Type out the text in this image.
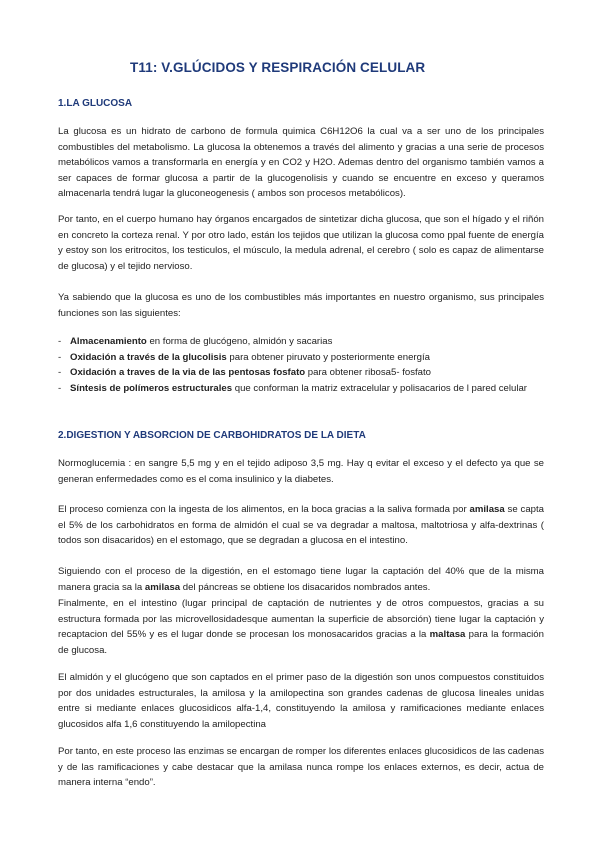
T11: V.GLÚCIDOS Y RESPIRACIÓN CELULAR
1.LA GLUCOSA
La glucosa es un hidrato de carbono de formula quimica C6H12O6 la cual va a ser uno de los principales combustibles del metabolismo. La glucosa la obtenemos a través del alimento y gracias a una serie de procesos metabólicos vamos a transformarla en energía y en CO2 y H2O. Ademas dentro del organismo también vamos a ser capaces de formar glucosa a partir de la glucogenolisis y cuando se encuentre en exceso y queramos almacenarla tendrá lugar la gluconeogenesis ( ambos son procesos metabólicos).
Por tanto, en el cuerpo humano hay órganos encargados de sintetizar dicha glucosa, que son el hígado y el riñón en concreto la corteza renal. Y por otro lado, están los tejidos que utilizan la glucosa como ppal fuente de energía y estoy son los eritrocitos, los testiculos, el músculo, la medula adrenal, el cerebro ( solo es capaz de alimentarse de glucosa) y el tejido nervioso.
Ya sabiendo que la glucosa es uno de los combustibles más importantes en nuestro organismo, sus principales funciones son las siguientes:
- Almacenamiento en forma de glucógeno, almidón y sacarias
- Oxidación a través de la glucolisis para obtener piruvato y posteriormente energía
- Oxidación a traves de la via de las pentosas fosfato para obtener ribosa5- fosfato
- Síntesis de polímeros estructurales que conforman la matriz extracelular y polisacarios de l pared celular
2.DIGESTION Y ABSORCION DE CARBOHIDRATOS DE LA DIETA
Normoglucemia : en sangre 5,5 mg y en el tejido adiposo 3,5 mg. Hay q evitar el exceso y el defecto ya que se generan enfermedades como es el coma insulinico y la diabetes.
El proceso comienza con la ingesta de los alimentos, en la boca gracias a la saliva formada por amilasa se capta el 5% de los carbohidratos en forma de almidón el cual se va degradar a maltosa, maltotriosa y alfa-dextrinas ( todos son disacaridos) en el estomago, que se degradan a glucosa en el intestino.
Siguiendo con el proceso de la digestión, en el estomago tiene lugar la captación del 40% que de la misma manera gracia sa la amilasa del páncreas se obtiene los disacaridos nombrados antes.
Finalmente, en el intestino (lugar principal de captación de nutrientes y de otros compuestos, gracias a su estructura formada por las microvellosidadesque aumentan la superficie de absorción) tiene lugar la captación y recaptacion del 55% y es el lugar donde se procesan los monosacaridos gracias a la maltasa para la formación de glucosa.
El almidón y el glucógeno que son captados en el primer paso de la digestión son unos compuestos constituidos por dos unidades estructurales, la amilosa y la amilopectina son grandes cadenas de glucosa lineales unidas entre si mediante enlaces glucosidicos alfa-1,4, constituyendo la amilosa y ramificaciones mediante enlaces glucosidos alfa 1,6 constituyendo la amilopectina
Por tanto, en este proceso las enzimas se encargan de romper los diferentes enlaces glucosidicos de las cadenas y de las ramificaciones y cabe destacar que la amilasa nunca rompe los enlaces externos, es decir, actua de manera interna “endo”.
